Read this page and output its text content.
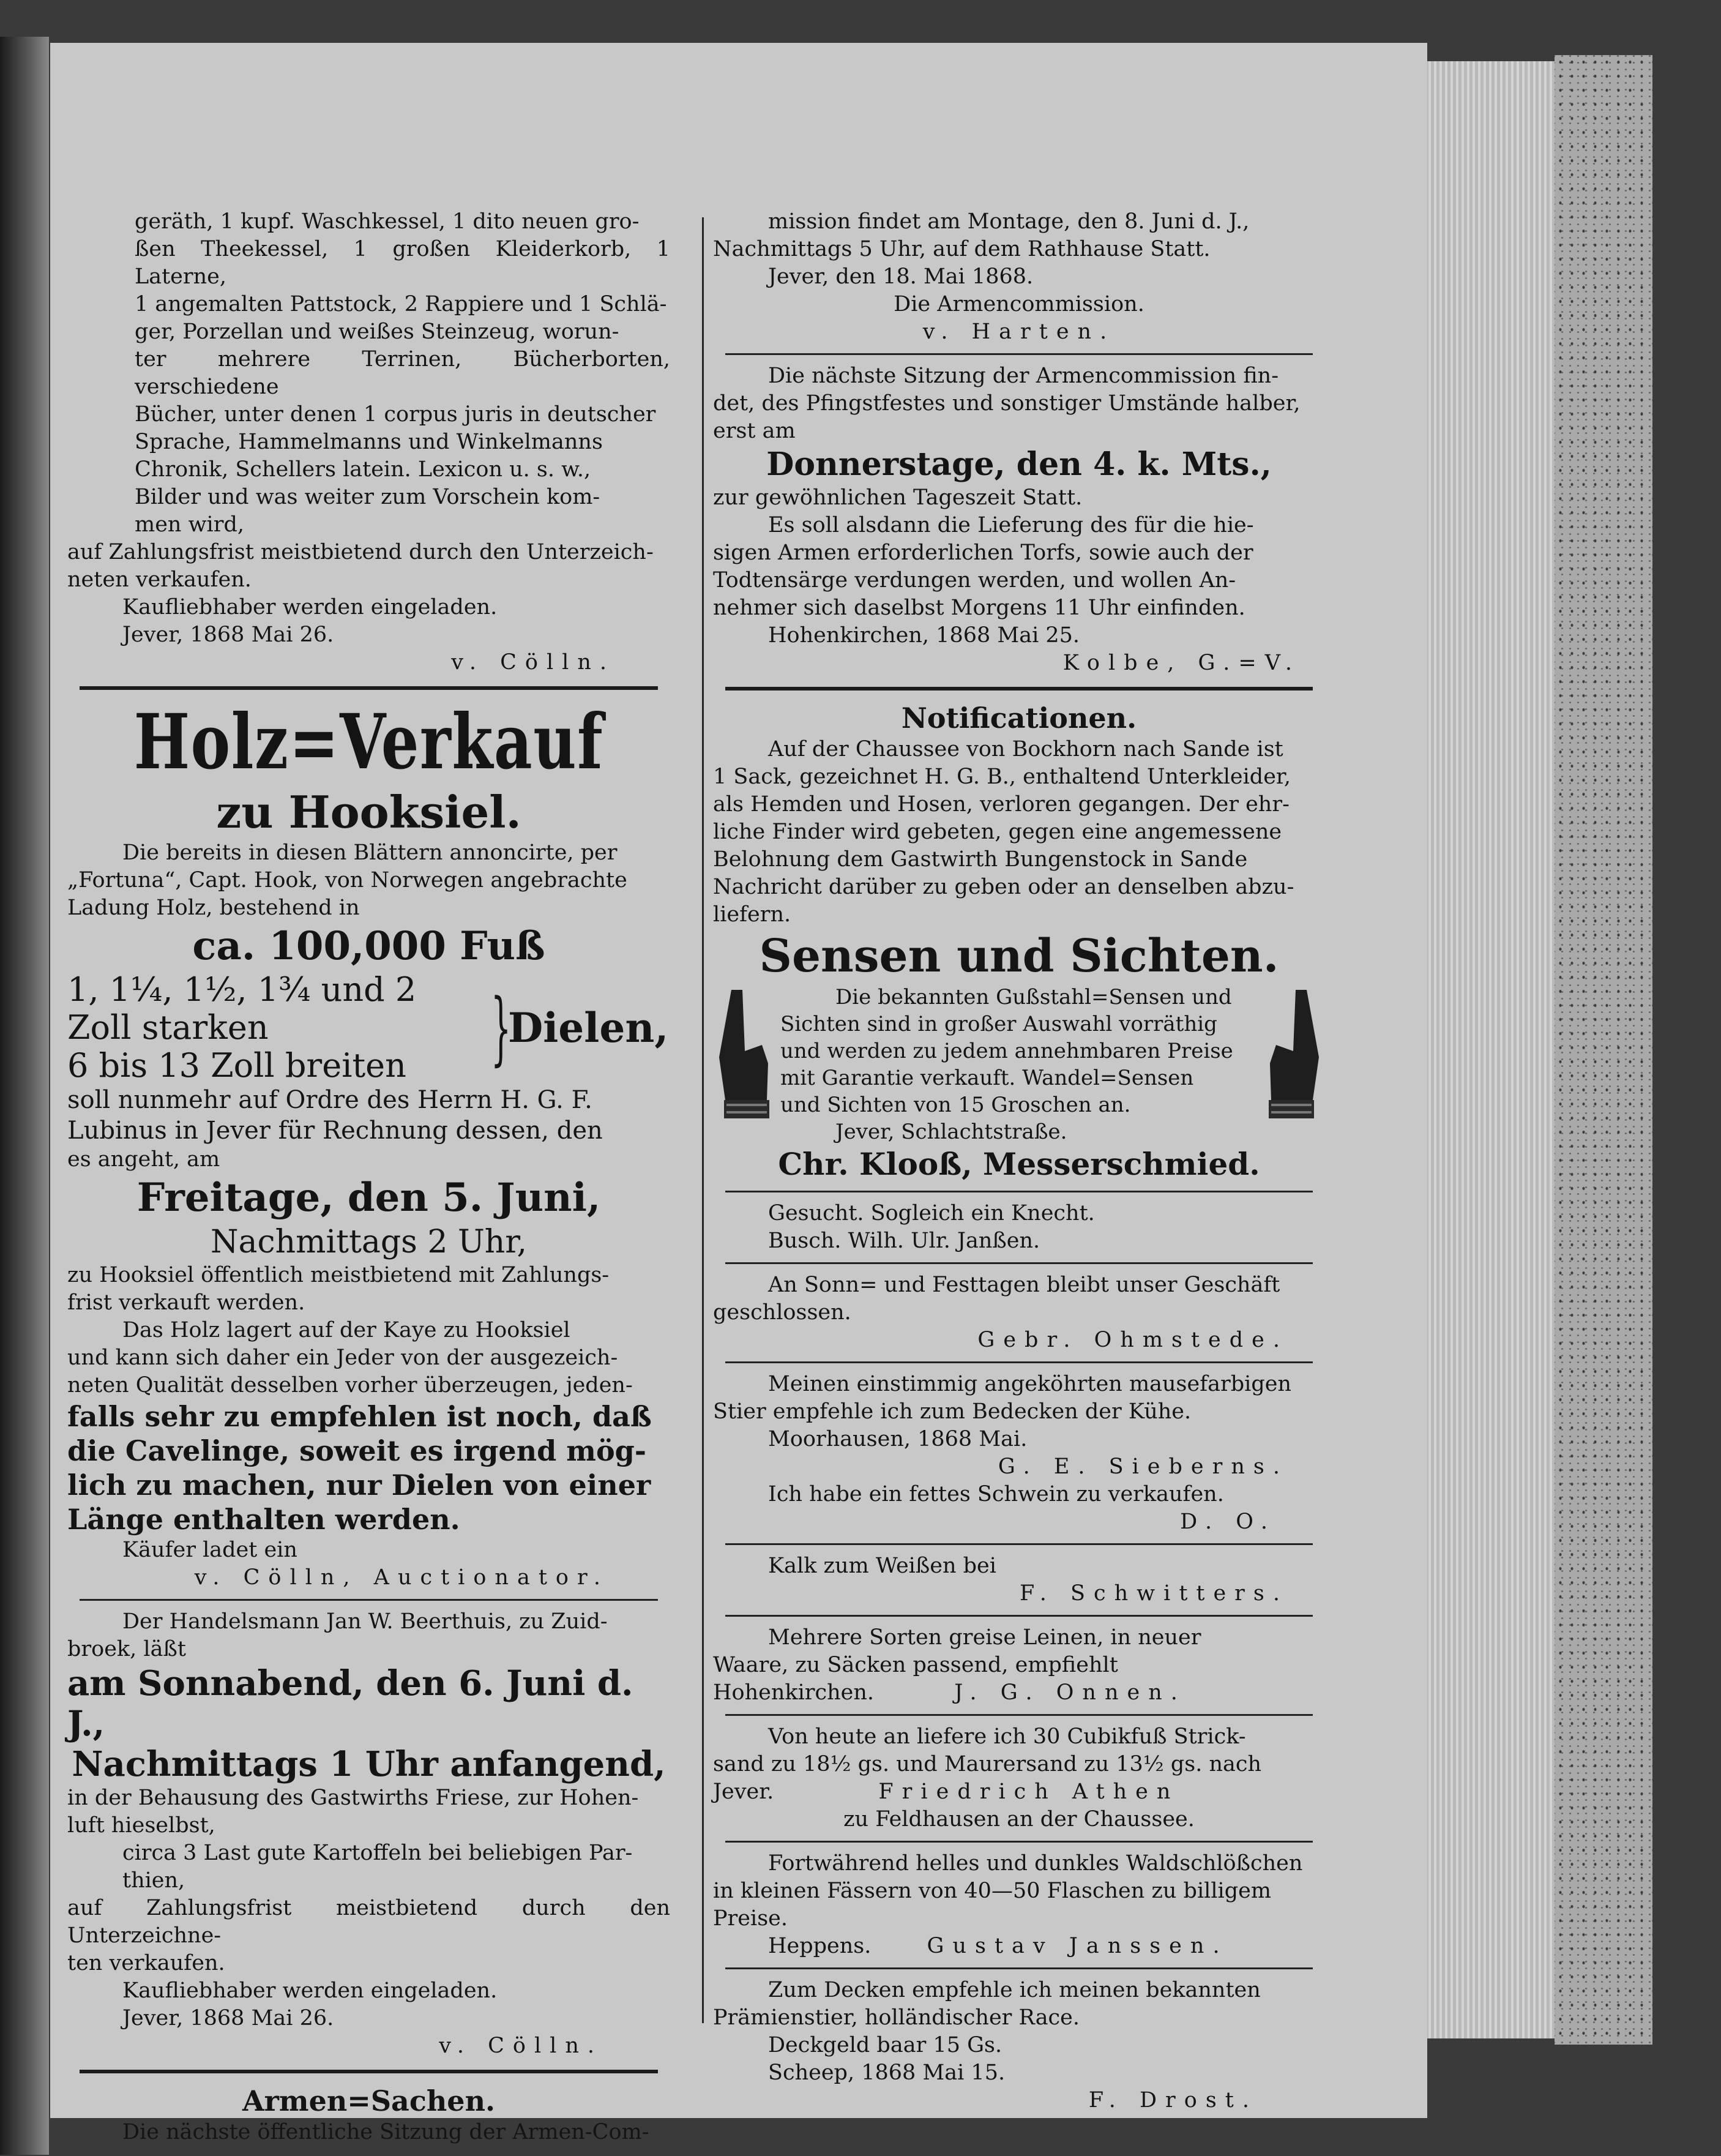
geräth, 1 kupf. Waschkessel, 1 dito neuen gro-

ßen Theekessel, 1 großen Kleiderkorb, 1 Laterne,

1 angemalten Pattstock, 2 Rappiere und 1 Schlä-

ger, Porzellan und weißes Steinzeug, worun-

ter mehrere Terrinen, Bücherborten, verschiedene

Bücher, unter denen 1 corpus juris in deutscher

Sprache, Hammelmanns und Winkelmanns

Chronik, Schellers latein. Lexicon u. s. w.,

Bilder und was weiter zum Vorschein kom-

men wird,

auf Zahlungsfrist meistbietend durch den Unterzeich-

neten verkaufen.

Kaufliebhaber werden eingeladen.

Jever, 1868 Mai 26.

v. Cölln.

Holz=Verkauf
zu Hooksiel.

Die bereits in diesen Blättern annoncirte, per

„Fortuna“, Capt. Hook, von Norwegen angebrachte

Ladung Holz, bestehend in

ca. 100,000 Fuß

1, 1¼, 1½, 1¾ und 2

Zoll starken

6 bis 13 Zoll breiten	}
Dielen,

soll nunmehr auf Ordre des Herrn H. G. F.

Lubinus in Jever für Rechnung dessen, den

es angeht, am

Freitage, den 5. Juni,
Nachmittags 2 Uhr,

zu Hooksiel öffentlich meistbietend mit Zahlungs-

frist verkauft werden.

Das Holz lagert auf der Kaye zu Hooksiel

und kann sich daher ein Jeder von der ausgezeich-

neten Qualität desselben vorher überzeugen, jeden-

falls sehr zu empfehlen ist noch, daß

die Cavelinge, soweit es irgend mög-

lich zu machen, nur Dielen von einer

Länge enthalten werden.

Käufer ladet ein

v. Cölln, Auctionator.

Der Handelsmann Jan W. Beerthuis, zu Zuid-

broek, läßt

am Sonnabend, den 6. Juni d. J.,
Nachmittags 1 Uhr anfangend,

in der Behausung des Gastwirths Friese, zur Hohen-

luft hieselbst,

circa 3 Last gute Kartoffeln bei beliebigen Par-

thien,

auf Zahlungsfrist meistbietend durch den Unterzeichne-

ten verkaufen.

Kaufliebhaber werden eingeladen.

Jever, 1868 Mai 26.

v. Cölln.

Armen=Sachen.

Die nächste öffentliche Sitzung der Armen-Com-

mission findet am Montage, den 8. Juni d. J.,

Nachmittags 5 Uhr, auf dem Rathhause Statt.

Jever, den 18. Mai 1868.

Die Armencommission.

v. Harten.

Die nächste Sitzung der Armencommission fin-

det, des Pfingstfestes und sonstiger Umstände halber,

erst am

Donnerstage, den 4. k. Mts.,

zur gewöhnlichen Tageszeit Statt.

Es soll alsdann die Lieferung des für die hie-

sigen Armen erforderlichen Torfs, sowie auch der

Todtensärge verdungen werden, und wollen An-

nehmer sich daselbst Morgens 11 Uhr einfinden.

Hohenkirchen, 1868 Mai 25.

Kolbe, G.=V.

Notificationen.

Auf der Chaussee von Bockhorn nach Sande ist

1 Sack, gezeichnet H. G. B., enthaltend Unterkleider,

als Hemden und Hosen, verloren gegangen. Der ehr-

liche Finder wird gebeten, gegen eine angemessene

Belohnung dem Gastwirth Bungenstock in Sande

Nachricht darüber zu geben oder an denselben abzu-

liefern.

Sensen und Sichten.

Die bekannten Gußstahl=Sensen und

Sichten sind in großer Auswahl vorräthig

und werden zu jedem annehmbaren Preise

mit Garantie verkauft. Wandel=Sensen

und Sichten von 15 Groschen an.

Jever, Schlachtstraße.

Chr. Klooß, Messerschmied.

Gesucht. Sogleich ein Knecht.

Busch. Wilh. Ulr. Janßen.

An Sonn= und Festtagen bleibt unser Geschäft

geschlossen.

Gebr. Ohmstede.

Meinen einstimmig angeköhrten mausefarbigen

Stier empfehle ich zum Bedecken der Kühe.

Moorhausen, 1868 Mai.

G. E. Sieberns.

Ich habe ein fettes Schwein zu verkaufen.

D. O.

Kalk zum Weißen bei

F. Schwitters.

Mehrere Sorten greise Leinen, in neuer

Waare, zu Säcken passend, empfiehlt

Hohenkirchen.	J. G. Onnen.

Von heute an liefere ich 30 Cubikfuß Strick-

sand zu 18½ gs. und Maurersand zu 13½ gs. nach

Jever.	Friedrich Athen

zu Feldhausen an der Chaussee.

Fortwährend helles und dunkles Waldschlößchen

in kleinen Fässern von 40—50 Flaschen zu billigem

Preise.

Heppens.	Gustav Janssen.

Zum Decken empfehle ich meinen bekannten

Prämienstier, holländischer Race.

Deckgeld baar 15 Gs.

Scheep, 1868 Mai 15.

F. Drost.
